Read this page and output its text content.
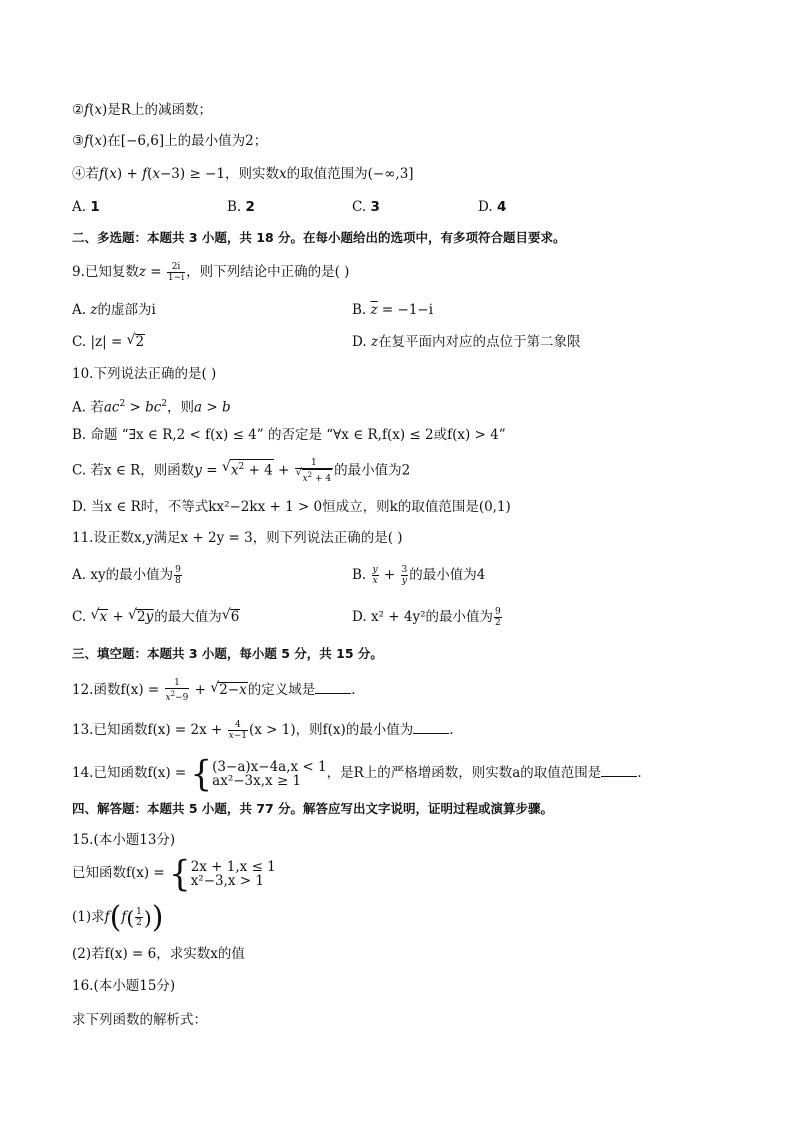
②f(x)是R上的减函数；
③f(x)在[−6,6]上的最小值为2；
④若f(x) + f(x−3) ≥ −1，则实数x的取值范围为(−∞,3]
A. 1	B. 2	C. 3	D. 4
二、多选题：本题共 3 小题，共 18 分。在每小题给出的选项中，有多项符合题目要求。
9.已知复数$z = \frac{2i}{1-i}$ ，则下列结论中正确的是( )
A. z的虚部为i	B. $\overline{z} = -1-i$
C. |z| = √ 2	D. z在复平面内对应的点位于第二象限
10.下列说法正确的是( )
A. 若$ac^2 > bc^2$，则a > b
B. 命题 “∃x ∈ R,2 < f(x) ≤ 4” 的否定是 “∀x ∈ R,f(x) ≤ 2或f(x) > 4”
C. 若x ∈ R，则函数y = √ $x^2 + 4 + 1$
√
$x^2 + 4$ 的最小值为2
D. 当x ∈ R时，不等式kx²−2kx + 1 > 0恒成立，则k的取值范围是(0,1)
11.设正数x,y满足x + 2y = 3，则下列说法正确的是( )
A. xy的最小值为 $\frac{9}{8}$	B. $\frac{y}{x} + \frac{3}{y}$ 的最小值为4
C. √ x + √ 2y的最大值为 √ 6	D. x² + 4y²的最小值为 $\frac{9}{2}$
三、填空题：本题共 3 小题，每小题 5 分，共 15 分。
12.函数$f(x) = \frac{1}{x^2-9}$ + √ 2−x的定义域是	.
13.已知函数$f(x) = 2x + \frac{4}{x-1} (x > 1)$，则f(x)的最小值为	.
14.已知函数f(x) = { (3−a)x−4a,x < 1
ax²−3x,x ≥ 1	，是R上的严格增函数，则实数a的取值范围是	.
四、解答题：本题共 5 小题，共 77 分。解答应写出文字说明，证明过程或演算步骤。
15.(本小题13分)
已知函数f(x) = { 2x + 1,x ≤ 1
x²−3,x > 1
(1)求$f(f( \frac{1}{2}$ ))
(2)若f(x) = 6，求实数x的值
16.(本小题15分)
求下列函数的解析式：
